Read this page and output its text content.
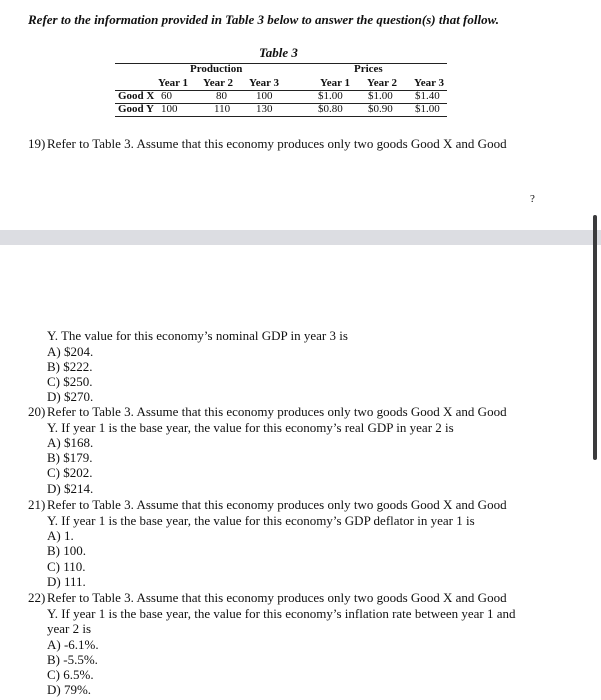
Refer to the information provided in Table 3 below to answer the question(s) that follow.
Table 3
Production	Prices
Year 1 Year 2 Year 3	Year 1 Year 2 Year 3
Good X 60	80	100	$1.00 $1.00 $1.40
Good Y 100	110 130	$0.80 $0.90 $1.00
19) Refer to Table 3. Assume that this economy produces only two goods Good X and Good
?
Y. The value for this economy’s nominal GDP in year 3 is
A) $204.
B) $222.
C) $250.
D) $270.
20) Refer to Table 3. Assume that this economy produces only two goods Good X and Good
Y. If year 1 is the base year, the value for this economy’s real GDP in year 2 is
A) $168.
B) $179.
C) $202.
D) $214.
21) Refer to Table 3. Assume that this economy produces only two goods Good X and Good
Y. If year 1 is the base year, the value for this economy’s GDP deflator in year 1 is
A) 1.
B) 100.
C) 110.
D) 111.
22) Refer to Table 3. Assume that this economy produces only two goods Good X and Good
Y. If year 1 is the base year, the value for this economy’s inflation rate between year 1 and
year 2 is
A) -6.1%.
B) -5.5%.
C) 6.5%.
D) 79%.
